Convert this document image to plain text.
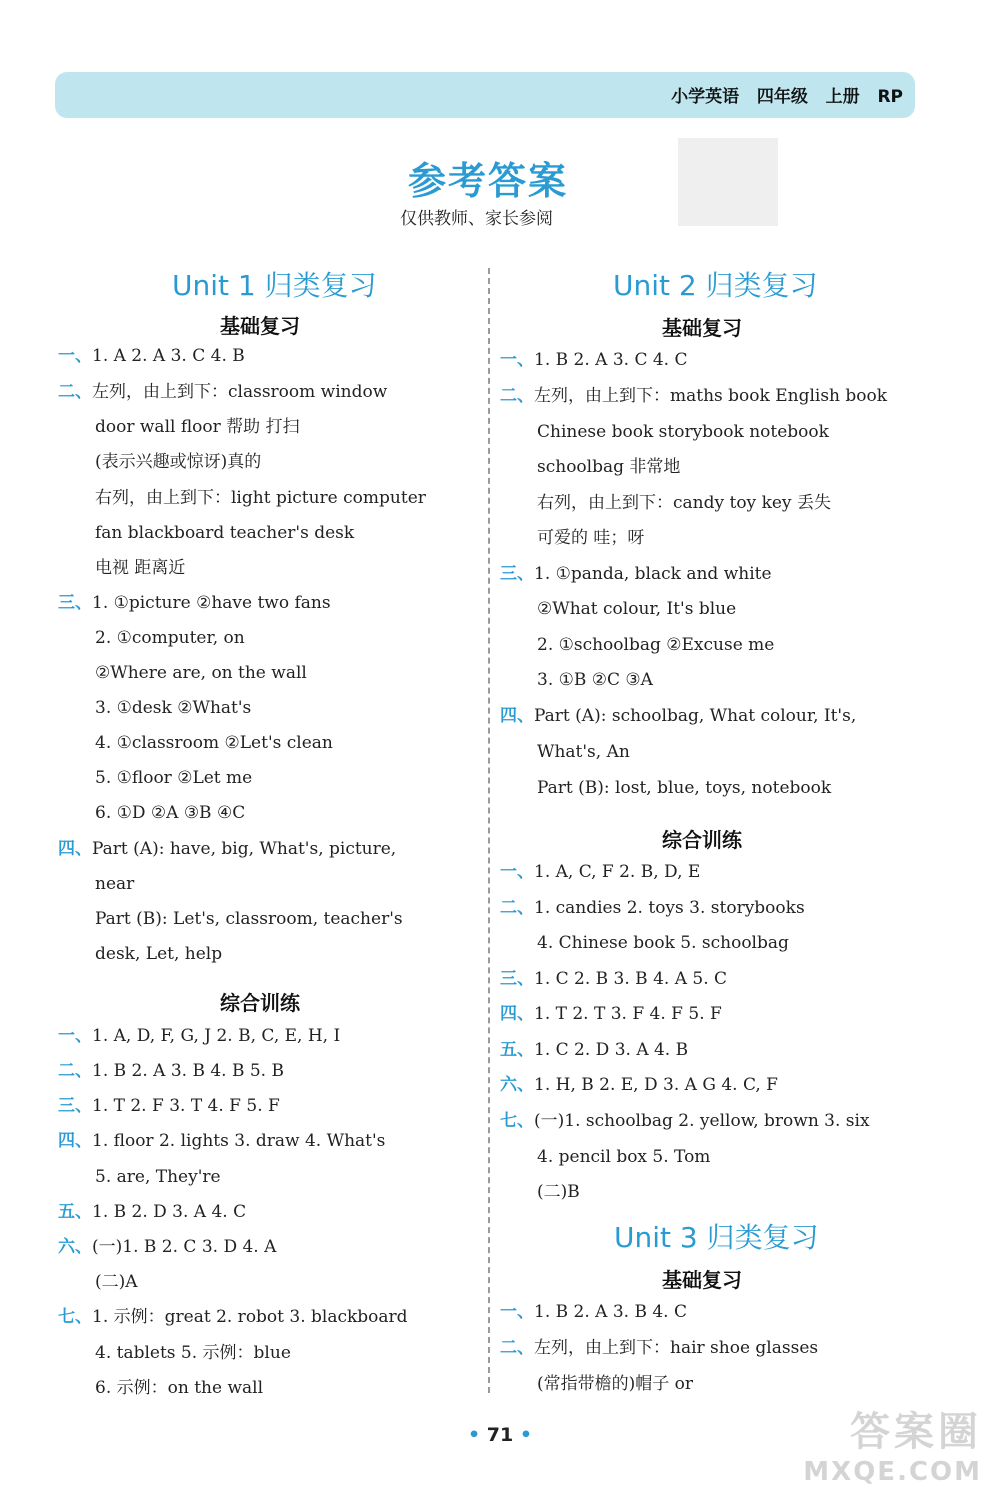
小学英语   四年级   上册   RP
参考答案
仅供教师、家长参阅
Unit 1 归类复习
基础复习
综合训练
Unit 2 归类复习
基础复习
综合训练
Unit 3 归类复习
基础复习
一、1. A 2. A 3. C 4. B
二、左列，由上到下：classroom window
door wall floor 帮助 打扫
(表示兴趣或惊讶)真的
右列，由上到下：light picture computer
fan blackboard teacher's desk
电视 距离近
三、1. ①picture ②have two fans
2. ①computer, on
②Where are, on the wall
3. ①desk ②What's
4. ①classroom ②Let's clean
5. ①floor ②Let me
6. ①D ②A ③B ④C
四、Part (A): have, big, What's, picture,
near
Part (B): Let's, classroom, teacher's
desk, Let, help
一、1. A, D, F, G, J 2. B, C, E, H, I
二、1. B 2. A 3. B 4. B 5. B
三、1. T 2. F 3. T 4. F 5. F
四、1. floor 2. lights 3. draw 4. What's
5. are, They're
五、1. B 2. D 3. A 4. C
六、(一)1. B 2. C 3. D 4. A
(二)A
七、1. 示例：great 2. robot 3. blackboard
4. tablets 5. 示例：blue
6. 示例：on the wall
一、1. B 2. A 3. C 4. C
二、左列，由上到下：maths book English book
Chinese book storybook notebook
schoolbag 非常地
右列，由上到下：candy toy key 丢失
可爱的 哇；呀
三、1. ①panda, black and white
②What colour, It's blue
2. ①schoolbag ②Excuse me
3. ①B ②C ③A
四、Part (A): schoolbag, What colour, It's,
What's, An
Part (B): lost, blue, toys, notebook
一、1. A, C, F 2. B, D, E
二、1. candies 2. toys 3. storybooks
4. Chinese book 5. schoolbag
三、1. C 2. B 3. B 4. A 5. C
四、1. T 2. T 3. F 4. F 5. F
五、1. C 2. D 3. A 4. B
六、1. H, B 2. E, D 3. A G 4. C, F
七、(一)1. schoolbag 2. yellow, brown 3. six
4. pencil box 5. Tom
(二)B
一、1. B 2. A 3. B 4. C
二、左列，由上到下：hair shoe glasses
(常指带檐的)帽子 or
• 71 •	答案圈
MXQE.COM
